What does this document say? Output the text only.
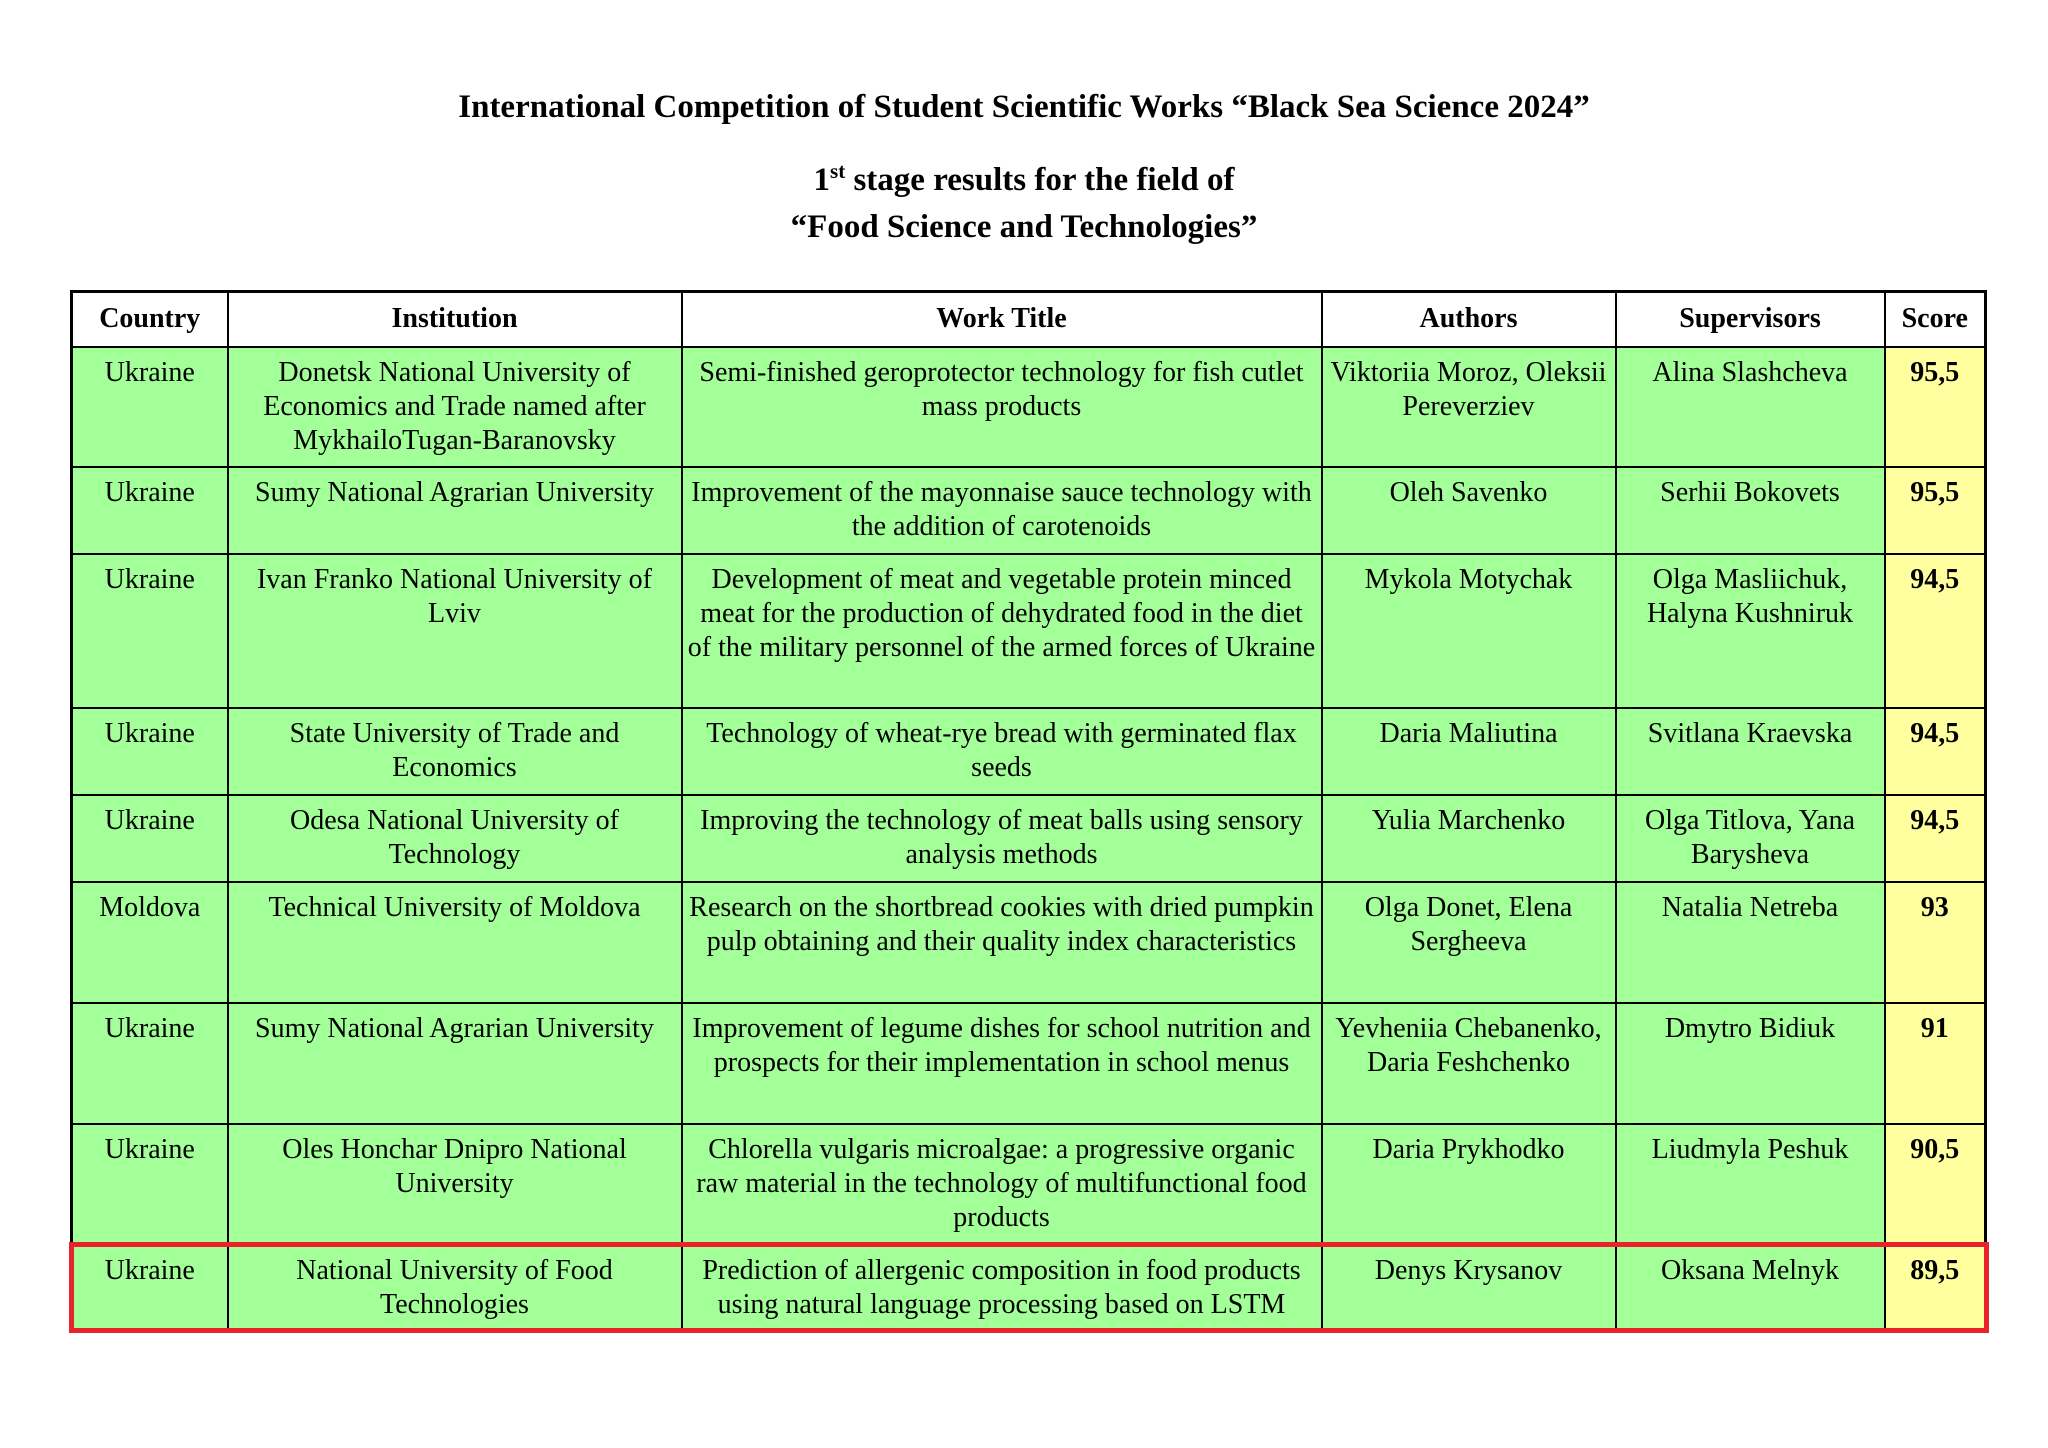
International Competition of Student Scientific Works “Black Sea Science 2024”
1st stage results for the field of
“Food Science and Technologies”
Country	Institution	Work Title	Authors	Supervisors	Score
Ukraine	Donetsk National University of Economics and Trade named after MykhailoTugan-Baranovsky	Semi-finished geroprotector technology for fish cutlet mass products	Viktoriia Moroz, Oleksii Pereverziev	Alina Slashcheva	95,5
Ukraine	Sumy National Agrarian University	Improvement of the mayonnaise sauce technology with the addition of carotenoids	Oleh Savenko	Serhii Bokovets	95,5
Ukraine	Ivan Franko National University of Lviv	Development of meat and vegetable protein minced meat for the production of dehydrated food in the diet of the military personnel of the armed forces of Ukraine	Mykola Motychak	Olga Masliichuk, Halyna Kushniruk	94,5
Ukraine	State University of Trade and Economics	Technology of wheat-rye bread with germinated flax seeds	Daria Maliutina	Svitlana Kraevska	94,5
Ukraine	Odesa National University of Technology	Improving the technology of meat balls using sensory analysis methods	Yulia Marchenko	Olga Titlova, Yana Barysheva	94,5
Moldova	Technical University of Moldova	Research on the shortbread cookies with dried pumpkin pulp obtaining and their quality index characteristics	Olga Donet, Elena Sergheeva	Natalia Netreba	93
Ukraine	Sumy National Agrarian University	Improvement of legume dishes for school nutrition and prospects for their implementation in school menus	Yevheniia Chebanenko, Daria Feshchenko	Dmytro Bidiuk	91
Ukraine	Oles Honchar Dnipro National University	Chlorella vulgaris microalgae: a progressive organic raw material in the technology of multifunctional food products	Daria Prykhodko	Liudmyla Peshuk	90,5
Ukraine	National University of Food Technologies	Prediction of allergenic composition in food products using natural language processing based on LSTM	Denys Krysanov	Oksana Melnyk	89,5
